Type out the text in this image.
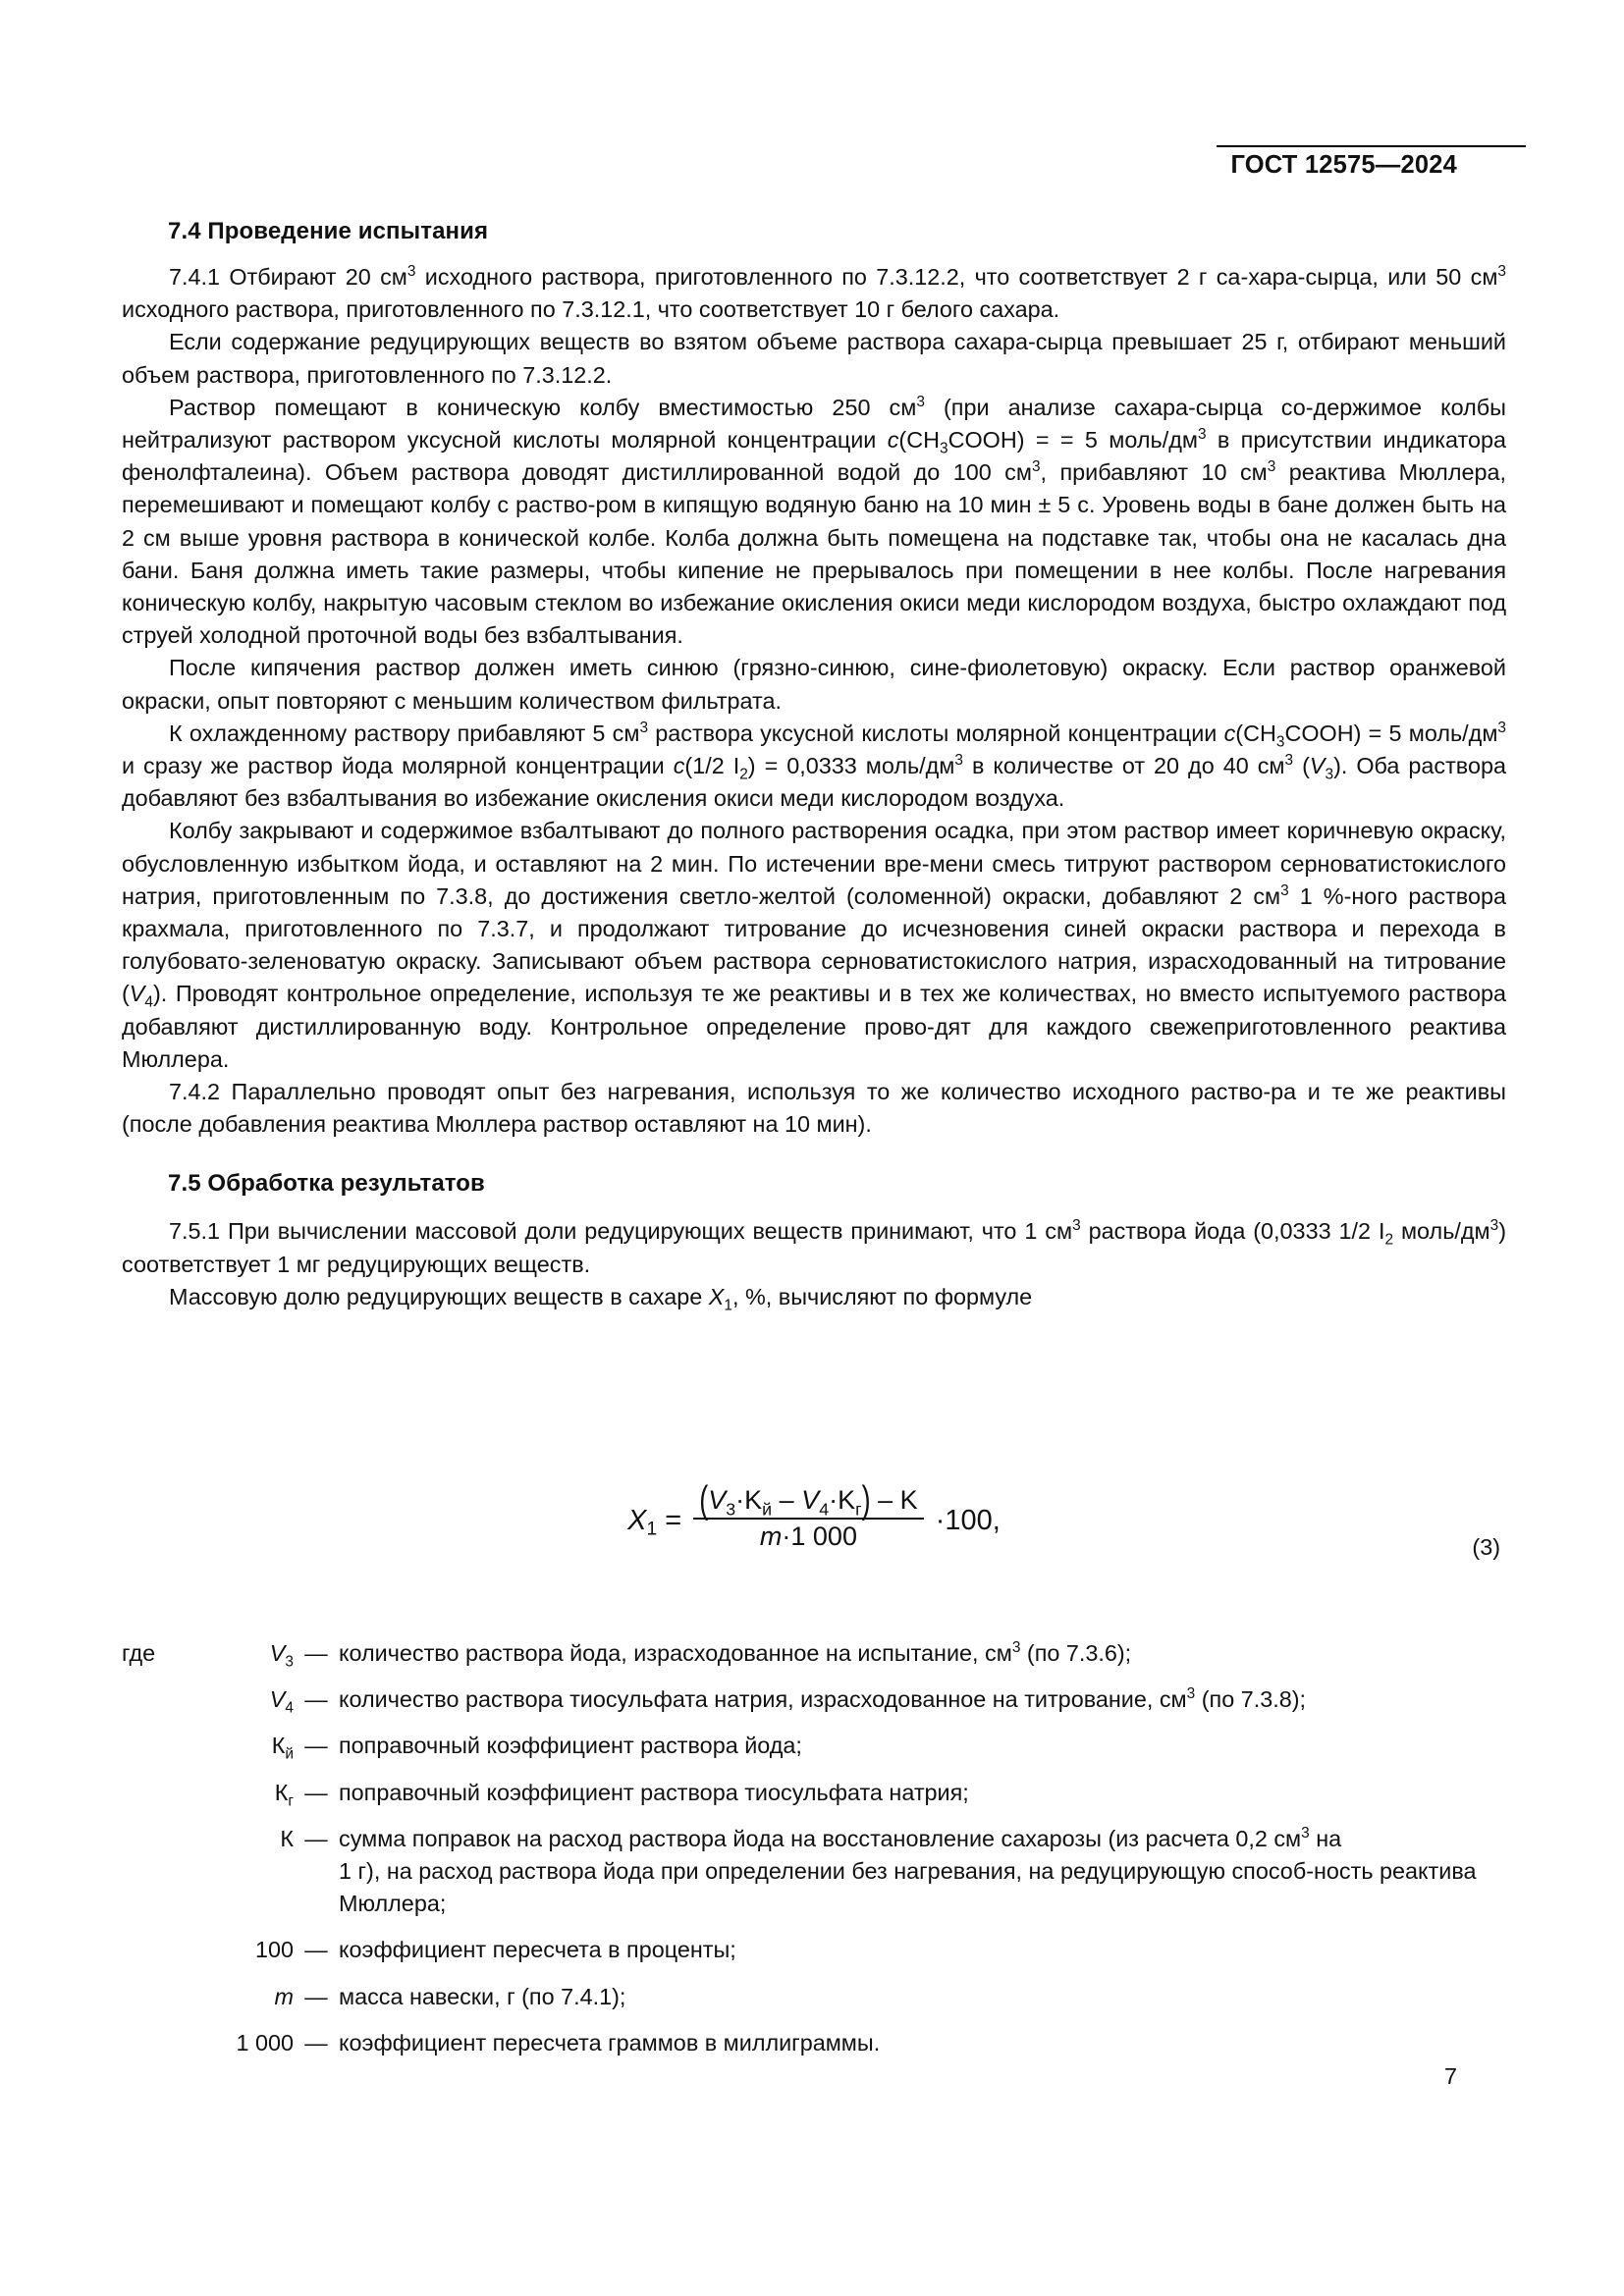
ГОСТ 12575—2024
7.4 Проведение испытания

7.4.1 Отбирают 20 $см^3$ исходного раствора, приготовленного по 7.3.12.2, что соответствует 2 г са-хара-сырца, или 50 $см^3$ исходного раствора, приготовленного по 7.3.12.1, что соответствует 10 г белого сахара.

Если содержание редуцирующих веществ во взятом объеме раствора сахара-сырца превышает 25 г, отбирают меньший объем раствора, приготовленного по 7.3.12.2.

Раствор помещают в коническую колбу вместимостью 250 $см^3$ (при анализе сахара-сырца со-держимое колбы нейтрализуют раствором уксусной кислоты молярной концентрации $c(CH_3COOH)$ = = 5 моль/$дм^3$ в присутствии индикатора фенолфталеина). Объем раствора доводят дистиллированной водой до 100 $см^3$, прибавляют 10 $см^3$ реактива Мюллера, перемешивают и помещают колбу с раство-ром в кипящую водяную баню на 10 мин ± 5 с. Уровень воды в бане должен быть на 2 см выше уровня раствора в конической колбе. Колба должна быть помещена на подставке так, чтобы она не касалась дна бани. Баня должна иметь такие размеры, чтобы кипение не прерывалось при помещении в нее колбы. После нагревания коническую колбу, накрытую часовым стеклом во избежание окисления окиси меди кислородом воздуха, быстро охлаждают под струей холодной проточной воды без взбалтывания.

После кипячения раствор должен иметь синюю (грязно-синюю, сине-фиолетовую) окраску. Если раствор оранжевой окраски, опыт повторяют с меньшим количеством фильтрата.

К охлажденному раствору прибавляют 5 $см^3$ раствора уксусной кислоты молярной концентрации $c(CH_3COOH) = 5$ моль/$дм^3$ и сразу же раствор йода молярной концентрации c(1/2 $I_2) = 0,0333$ моль/$дм^3$ в количестве от 20 до 40 $см^3$ $(V_3)$. Оба раствора добавляют без взбалтывания во избежание окисления окиси меди кислородом воздуха.

Колбу закрывают и содержимое взбалтывают до полного растворения осадка, при этом раствор имеет коричневую окраску, обусловленную избытком йода, и оставляют на 2 мин. По истечении вре-мени смесь титруют раствором серноватистокислого натрия, приготовленным по 7.3.8, до достижения светло-желтой (соломенной) окраски, добавляют 2 $см^3$ 1 %-ного раствора крахмала, приготовленного по 7.3.7, и продолжают титрование до исчезновения синей окраски раствора и перехода в голубовато-зеленоватую окраску. Записывают объем раствора серноватистокислого натрия, израсходованный на титрование $(V_4)$. Проводят контрольное определение, используя те же реактивы и в тех же количествах, но вместо испытуемого раствора добавляют дистиллированную воду. Контрольное определение прово-дят для каждого свежеприготовленного реактива Мюллера.

7.4.2 Параллельно проводят опыт без нагревания, используя то же количество исходного раство-ра и те же реактивы (после добавления реактива Мюллера раствор оставляют на 10 мин).

7.5 Обработка результатов

7.5.1 При вычислении массовой доли редуцирующих веществ принимают, что 1 $см^3$ раствора йода (0,0333 1/2 $I_2$ моль/$дм^3$) соответствует 1 мг редуцирующих веществ.

Массовую долю редуцирующих веществ в сахаре $X_1$, %, вычисляют по формуле

$X_1 = \frac{(V_3\cdot K_й - V_4\cdot K_г) - K}{m\cdot 1 000} \cdot 100$,
(3)
где	$V_3$ — количество раствора йода, израсходованное на испытание, $см^3$ (по 7.3.6);
$V_4$ — количество раствора тиосульфата натрия, израсходованное на титрование, $см^3$ (по 7.3.8);
$К_й$ — поправочный коэффициент раствора йода;
$К_г$ — поправочный коэффициент раствора тиосульфата натрия;
К — сумма поправок на расход раствора йода на восстановление сахарозы (из расчета 0,2 $см^3$ на
1 г), на расход раствора йода при определении без нагревания, на редуцирующую способ-ность реактива Мюллера;
100 — коэффициент пересчета в проценты;
m — масса навески, г (по 7.4.1);
1 000 — коэффициент пересчета граммов в миллиграммы.
7
